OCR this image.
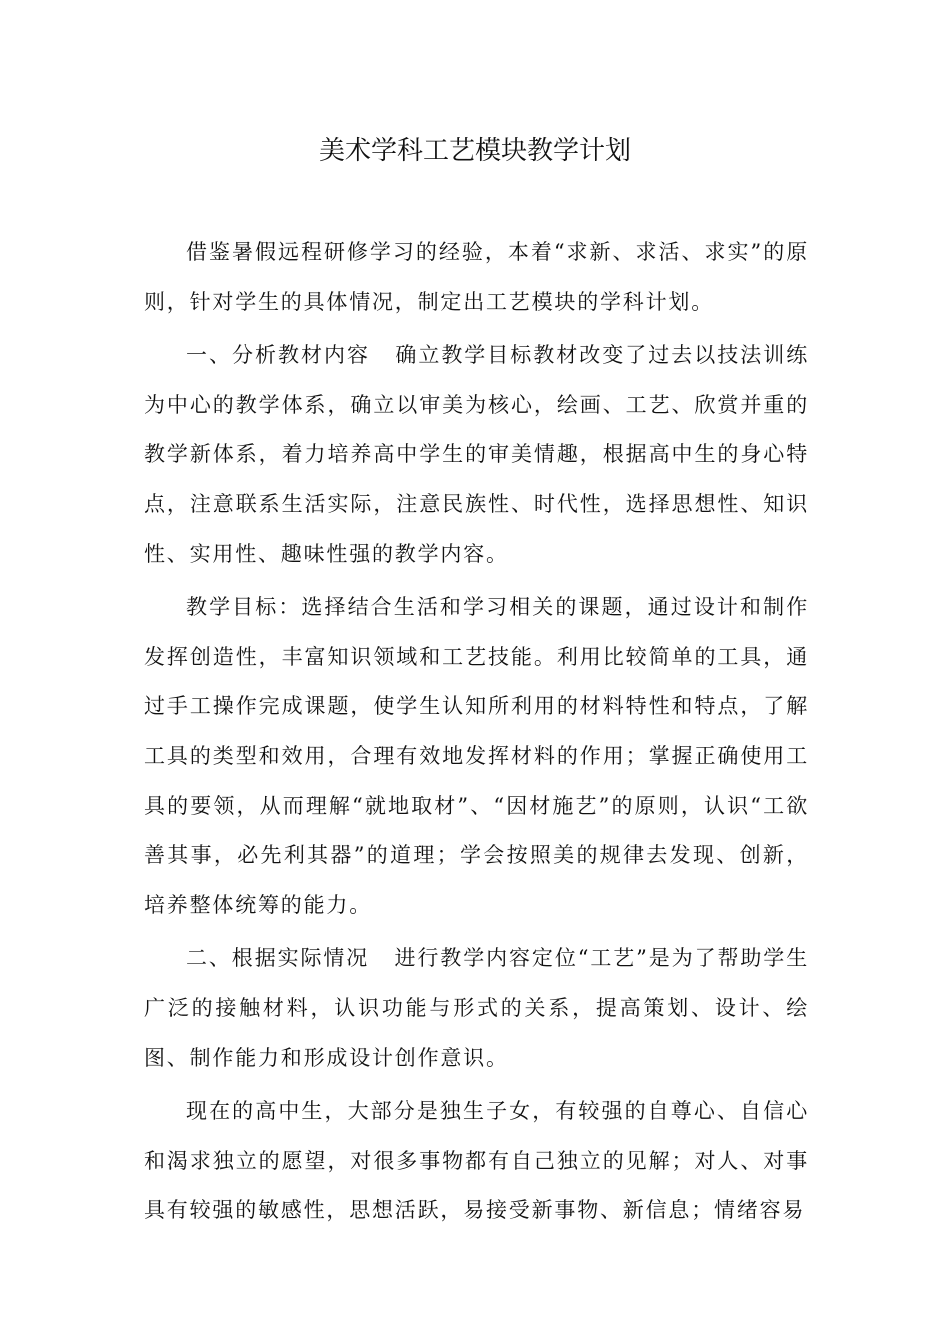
美术学科工艺模块教学计划

借鉴暑假远程研修学习的经验，本着“求新、求活、求实”的原则，针对学生的具体情况，制定出工艺模块的学科计划。

一、分析教材内容 确立教学目标教材改变了过去以技法训练为中心的教学体系，确立以审美为核心，绘画、工艺、欣赏并重的教学新体系，着力培养高中学生的审美情趣，根据高中生的身心特点，注意联系生活实际，注意民族性、时代性，选择思想性、知识性、实用性、趣味性强的教学内容。

教学目标：选择结合生活和学习相关的课题，通过设计和制作发挥创造性，丰富知识领域和工艺技能。利用比较简单的工具，通过手工操作完成课题，使学生认知所利用的材料特性和特点，了解工具的类型和效用，合理有效地发挥材料的作用；掌握正确使用工具的要领，从而理解“就地取材”、“因材施艺”的原则，认识“工欲善其事，必先利其器”的道理；学会按照美的规律去发现、创新，培养整体统筹的能力。

二、根据实际情况 进行教学内容定位“工艺”是为了帮助学生广泛的接触材料，认识功能与形式的关系，提高策划、设计、绘图、制作能力和形成设计创作意识。

现在的高中生，大部分是独生子女，有较强的自尊心、自信心和渴求独立的愿望，对很多事物都有自己独立的见解；对人、对事具有较强的敏感性，思想活跃，易接受新事物、新信息；情绪容易
